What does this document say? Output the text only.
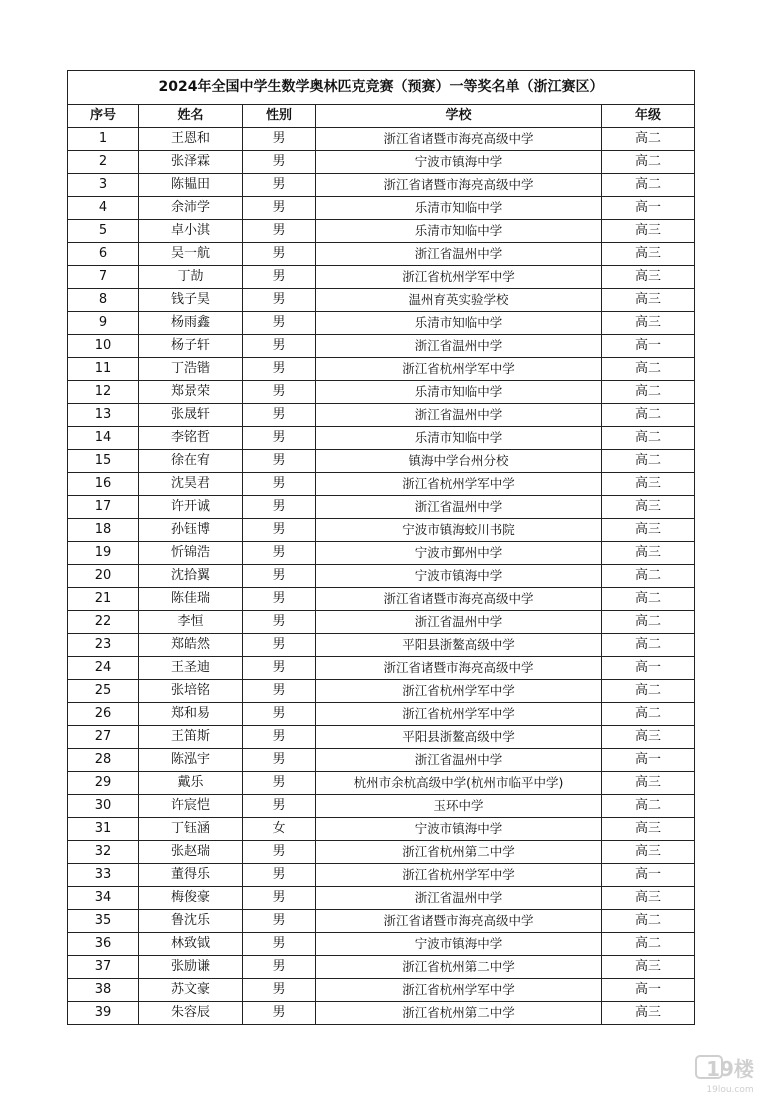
2024年全国中学生数学奥林匹克竞赛（预赛）一等奖名单（浙江赛区）				
序号	姓名	性别	学校	年级
1	王恩和	男	浙江省诸暨市海亮高级中学	高二
2	张泽霖	男	宁波市镇海中学	高二
3	陈韫田	男	浙江省诸暨市海亮高级中学	高二
4	余沛学	男	乐清市知临中学	高一
5	卓小淇	男	乐清市知临中学	高三
6	吴一航	男	浙江省温州中学	高三
7	丁劼	男	浙江省杭州学军中学	高三
8	钱子昊	男	温州育英实验学校	高三
9	杨雨鑫	男	乐清市知临中学	高三
10	杨子轩	男	浙江省温州中学	高一
11	丁浩锴	男	浙江省杭州学军中学	高二
12	郑景荣	男	乐清市知临中学	高二
13	张晟轩	男	浙江省温州中学	高二
14	李铭哲	男	乐清市知临中学	高二
15	徐在宥	男	镇海中学台州分校	高二
16	沈昊君	男	浙江省杭州学军中学	高三
17	许开诚	男	浙江省温州中学	高三
18	孙钰博	男	宁波市镇海蛟川书院	高三
19	忻锦浩	男	宁波市鄞州中学	高三
20	沈拾翼	男	宁波市镇海中学	高二
21	陈佳瑞	男	浙江省诸暨市海亮高级中学	高二
22	李恒	男	浙江省温州中学	高二
23	郑皓然	男	平阳县浙鳌高级中学	高二
24	王圣迪	男	浙江省诸暨市海亮高级中学	高一
25	张培铭	男	浙江省杭州学军中学	高二
26	郑和易	男	浙江省杭州学军中学	高二
27	王笛斯	男	平阳县浙鳌高级中学	高三
28	陈泓宇	男	浙江省温州中学	高一
29	戴乐	男	杭州市余杭高级中学(杭州市临平中学)	高三
30	许宸恺	男	玉环中学	高二
31	丁钰涵	女	宁波市镇海中学	高三
32	张赵瑞	男	浙江省杭州第二中学	高三
33	董得乐	男	浙江省杭州学军中学	高一
34	梅俊豪	男	浙江省温州中学	高三
35	鲁沈乐	男	浙江省诸暨市海亮高级中学	高二
36	林致钺	男	宁波市镇海中学	高二
37	张励谦	男	浙江省杭州第二中学	高三
38	苏文豪	男	浙江省杭州学军中学	高一
39	朱容辰	男	浙江省杭州第二中学	高三
19楼
19lou.com
